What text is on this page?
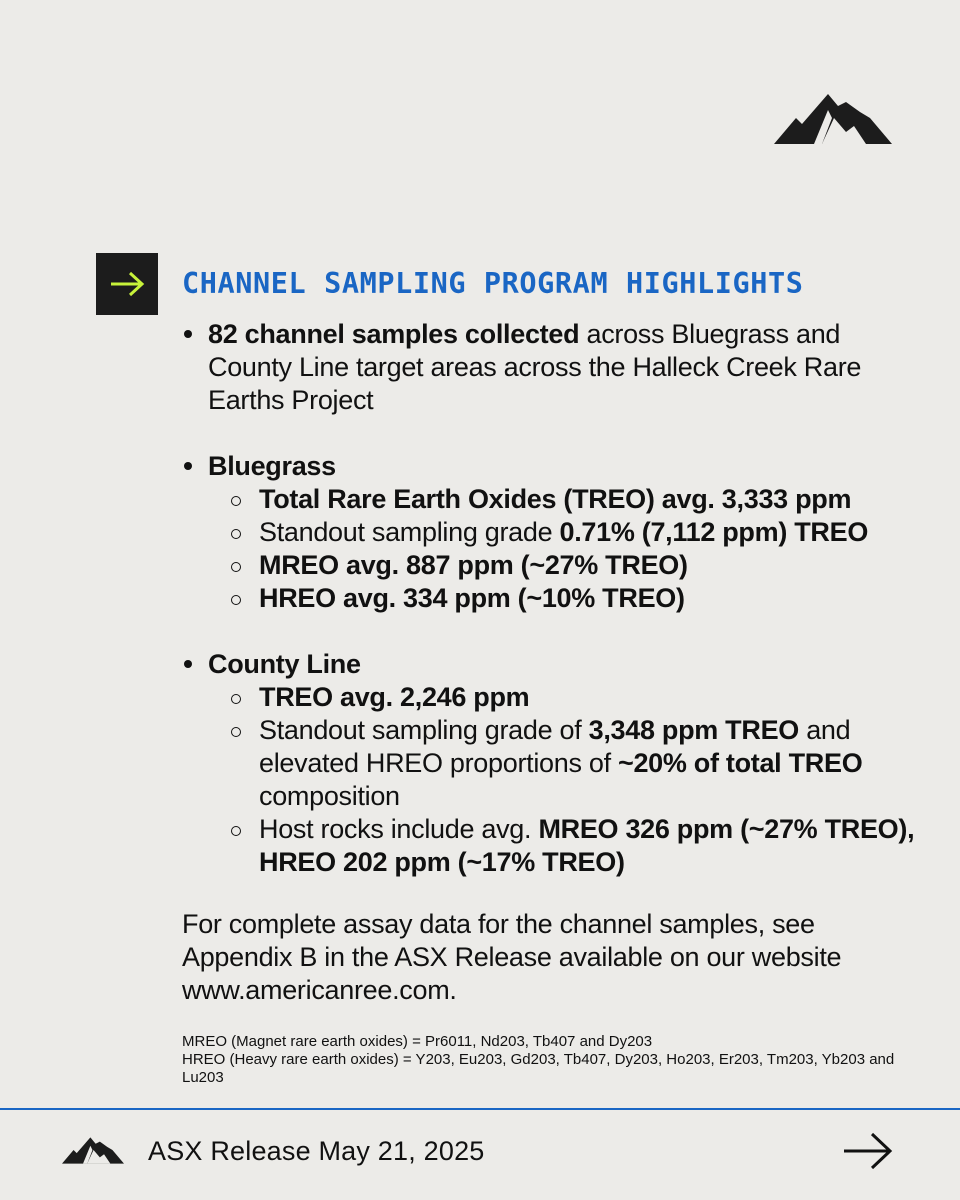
CHANNEL SAMPLING PROGRAM HIGHLIGHTS
82 channel samples collected across Bluegrass and County Line target areas across the Halleck Creek Rare Earths Project
Bluegrass
Total Rare Earth Oxides (TREO) avg. 3,333 ppm
Standout sampling grade 0.71% (7,112 ppm) TREO
MREO avg. 887 ppm (~27% TREO)
HREO avg. 334 ppm (~10% TREO)
County Line
TREO avg. 2,246 ppm
Standout sampling grade of 3,348 ppm TREO and elevated HREO proportions of ~20% of total TREO composition
Host rocks include avg. MREO 326 ppm (~27% TREO), HREO 202 ppm (~17% TREO)
For complete assay data for the channel samples, see Appendix B in the ASX Release available on our website www.americanree.com.
MREO (Magnet rare earth oxides) = Pr6011, Nd203, Tb407 and Dy203
HREO (Heavy rare earth oxides) = Y203, Eu203, Gd203, Tb407, Dy203, Ho203, Er203, Tm203, Yb203 and Lu203
ASX Release May 21, 2025
